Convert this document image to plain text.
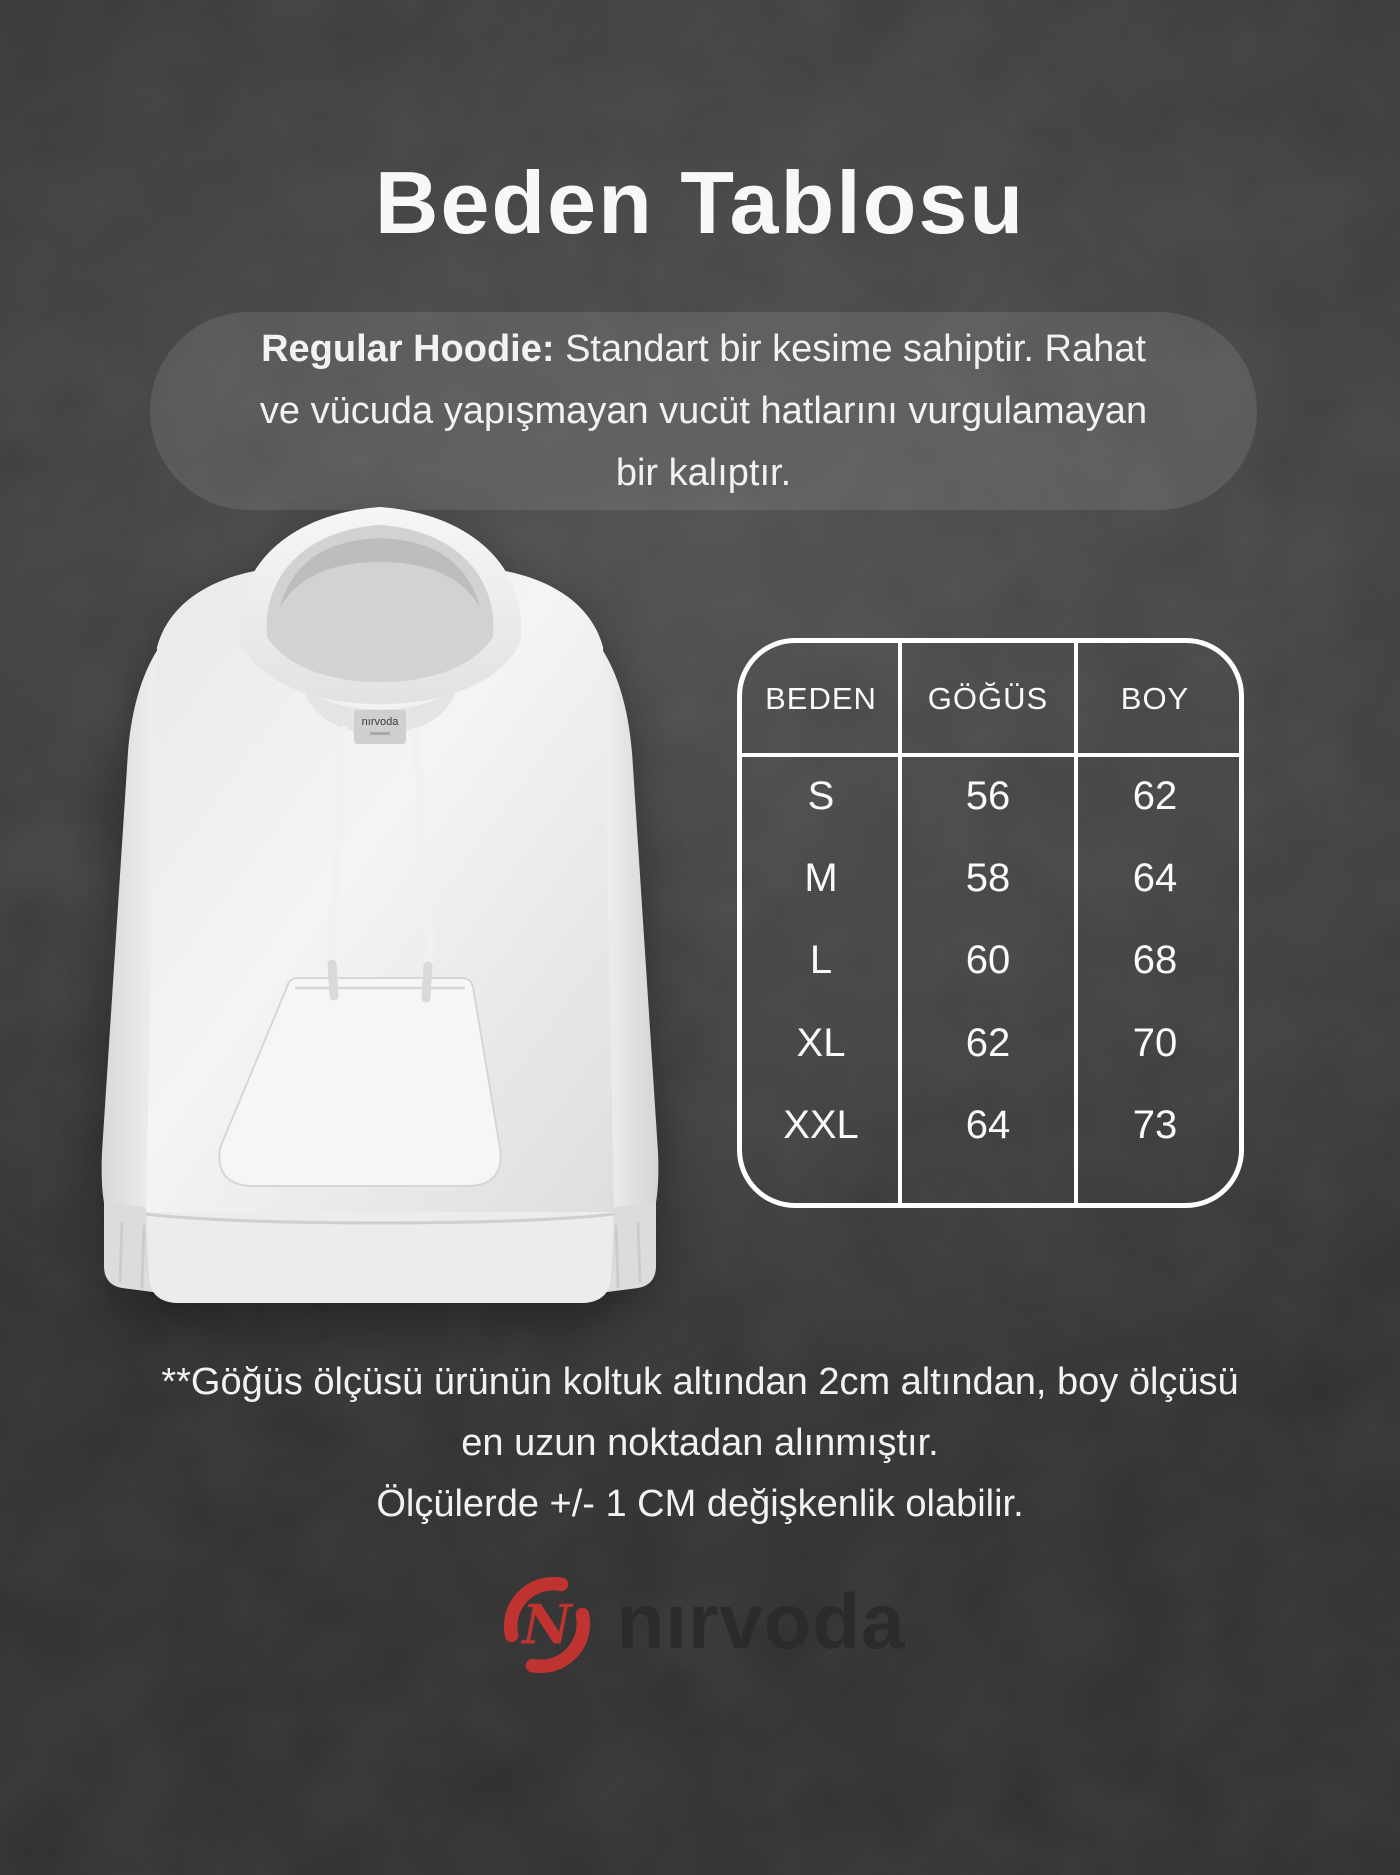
Beden Tablosu
Regular Hoodie: Standart bir kesime sahiptir. Rahat
ve vücuda yapışmayan vucüt hatlarını vurgulamayan
bir kalıptır.
nırvoda
BEDEN	GÖĞÜS	BOY
S	56	62
M	58	64
L	60	68
XL	62	70
XXL	64	73
**Göğüs ölçüsü ürünün koltuk altından 2cm altından, boy ölçüsü
en uzun noktadan alınmıştır.
Ölçülerde +/- 1 CM değişkenlik olabilir.
N nırvoda
